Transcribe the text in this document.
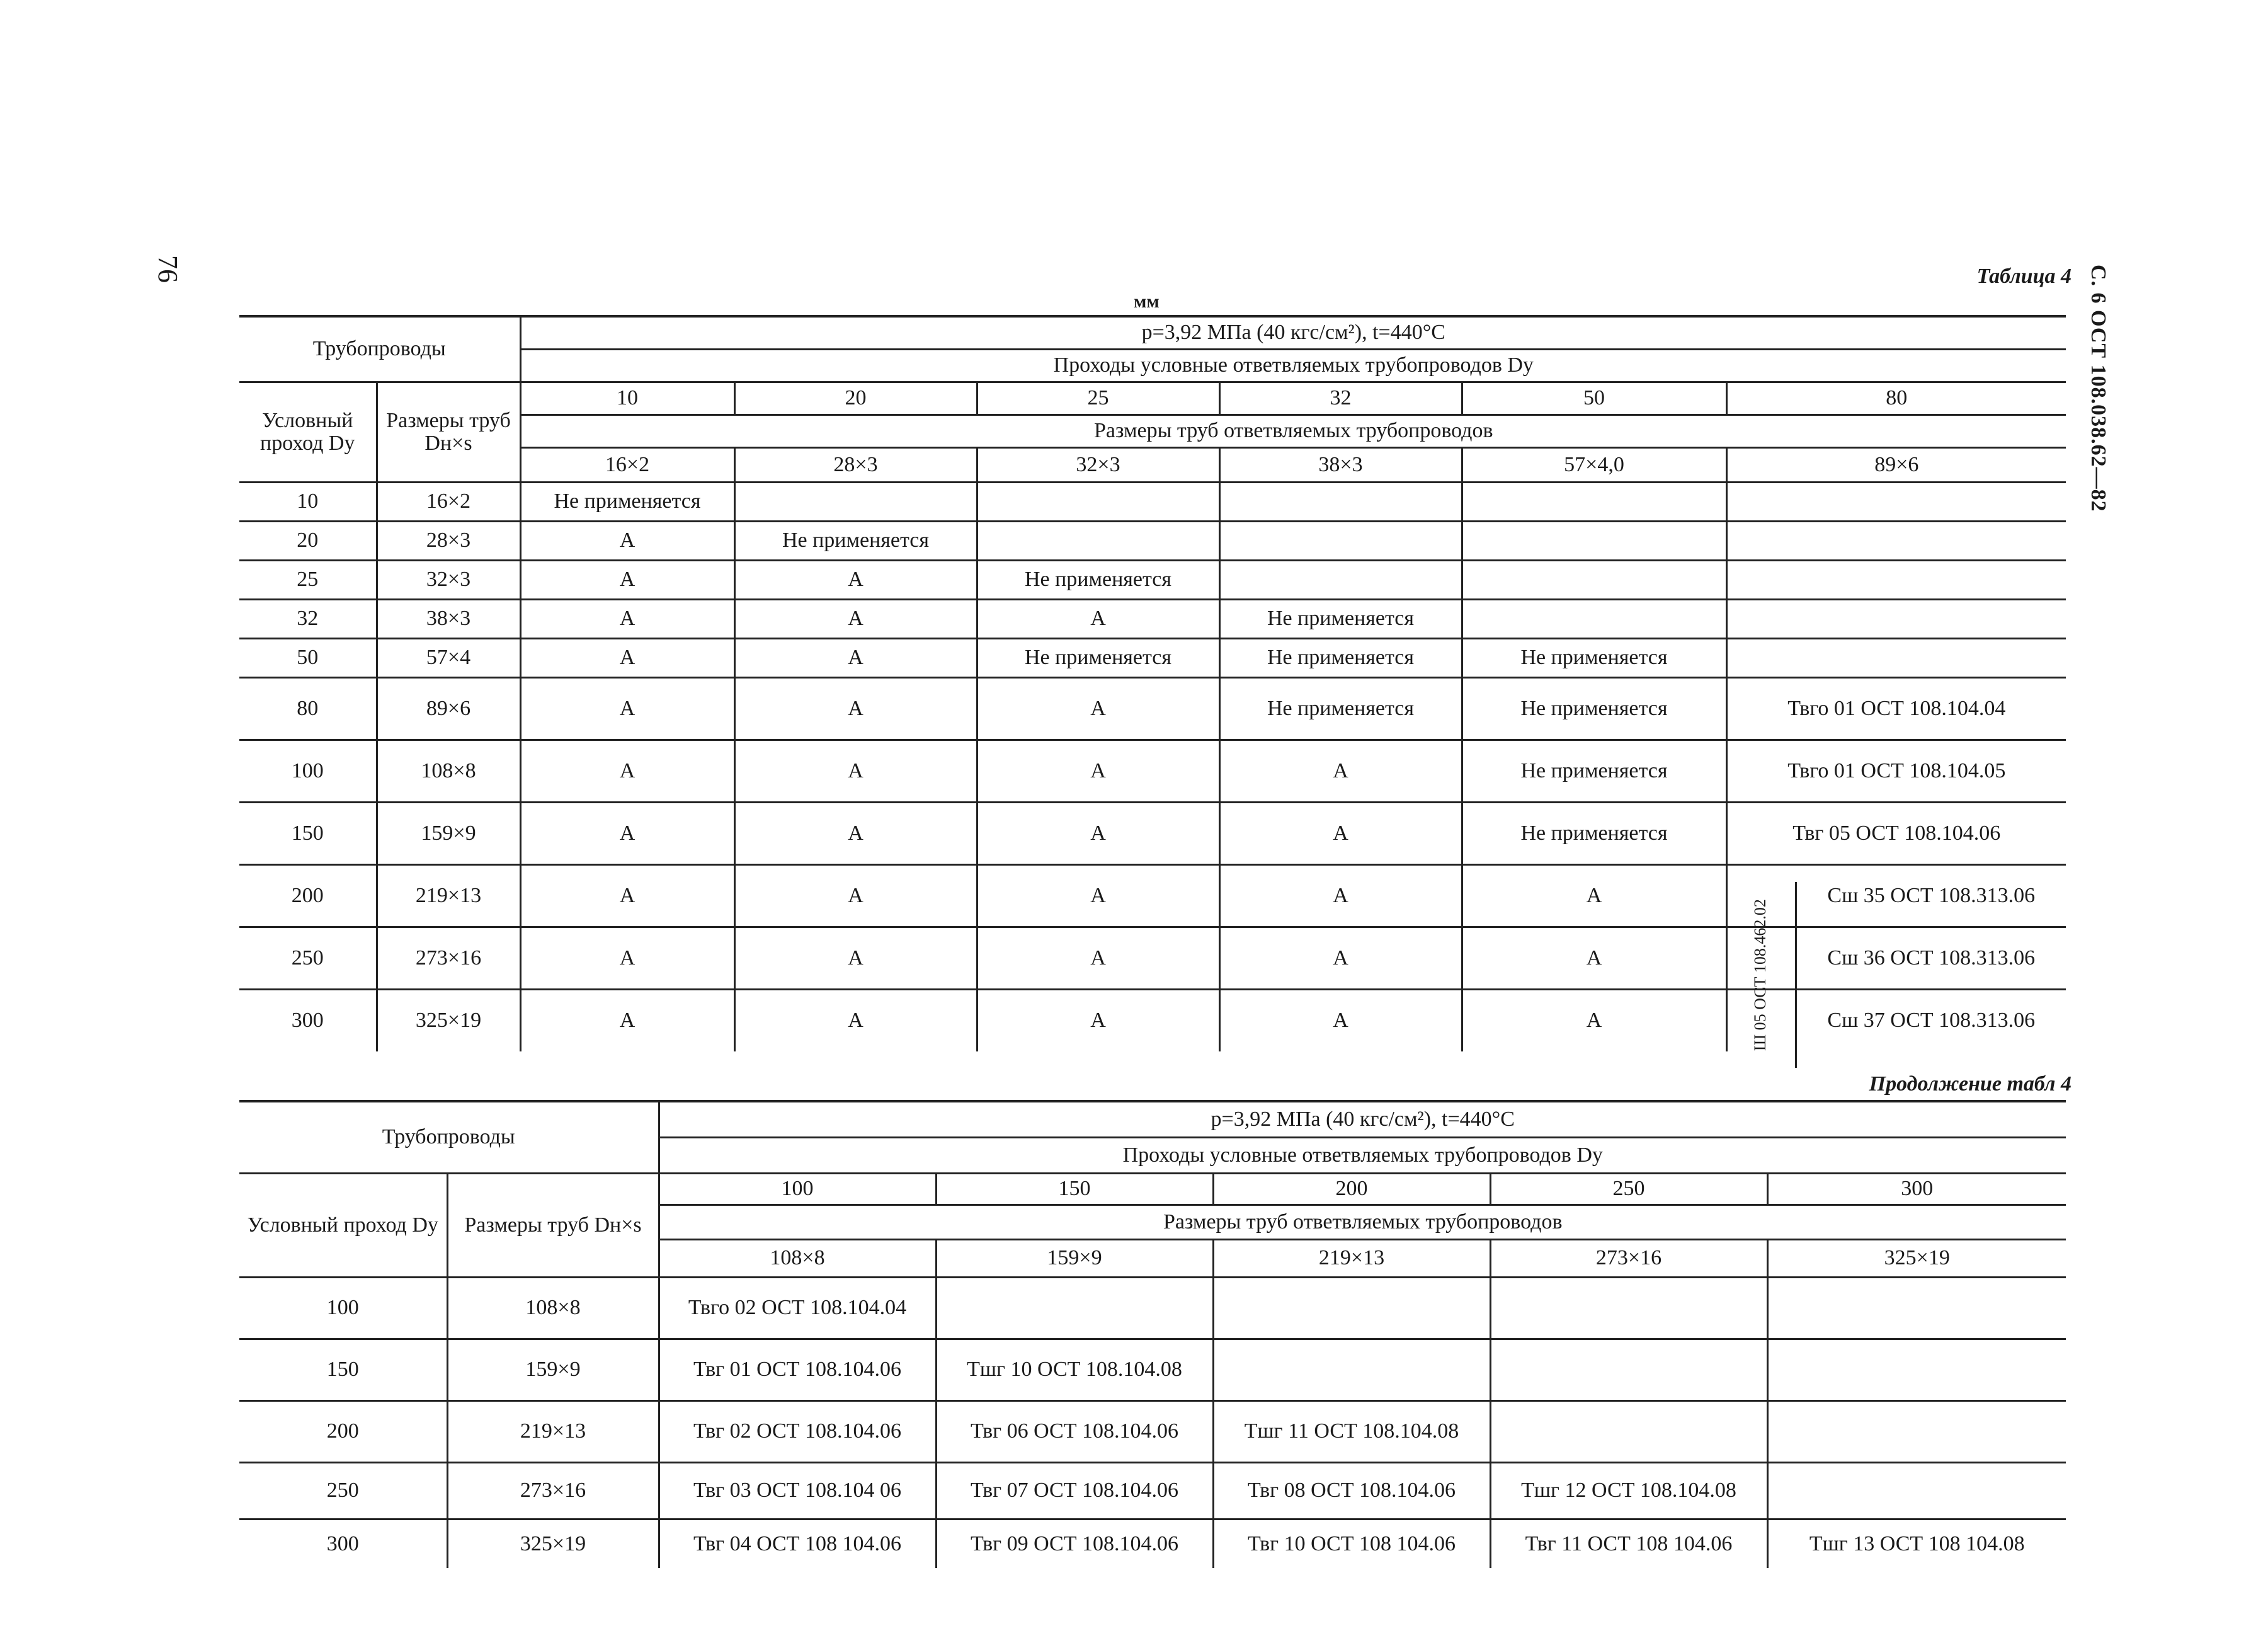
76	С. 6 ОСТ 108.038.62—82
Таблица 4
мм
Трубопроводы		p=3,92 МПа (40 кгс/см²), t=440°C					
		Проходы условные ответвляемых трубопроводов Dу					
Условный проход Dу	Размеры труб Dн×s	10	20	25	32	50	80
		Размеры труб ответвляемых трубопроводов					
		16×2	28×3	32×3	38×3	57×4,0	89×6
10	16×2	Не применяется					
20	28×3	А	Не применяется				
25	32×3	А	А	Не применяется			
32	38×3	А	А	А	Не применяется		
50	57×4	А	А	Не применяется	Не применяется	Не применяется	
80	89×6	А	А	А	Не применяется	Не применяется	Твго 01 ОСТ 108.104.04
100	108×8	А	А	А	А	Не применяется	Твго 01 ОСТ 108.104.05
150	159×9	А	А	А	А	Не применяется	Твг 05 ОСТ 108.104.06
200	219×13	А	А	А	А	А	Сш 35 ОСТ 108.313.06
250	273×16	А	А	А	А	А	Сш 36 ОСТ 108.313.06
300	325×19	А	А	А	А	А	Сш 37 ОСТ 108.313.06
Ш 05 ОСТ 108.462.02
Продолжение табл 4
Трубопроводы		p=3,92 МПа (40 кгс/см²), t=440°C				
		Проходы условные ответвляемых трубопроводов Dу				
Условный проход Dу	Размеры труб Dн×s	100	150	200	250	300
		Размеры труб ответвляемых трубопроводов				
		108×8	159×9	219×13	273×16	325×19
100	108×8	Твго 02 ОСТ 108.104.04				
150	159×9	Твг 01 ОСТ 108.104.06	Тшг 10 ОСТ 108.104.08			
200	219×13	Твг 02 ОСТ 108.104.06	Твг 06 ОСТ 108.104.06	Тшг 11 ОСТ 108.104.08		
250	273×16	Твг 03 ОСТ 108.104 06	Твг 07 ОСТ 108.104.06	Твг 08 ОСТ 108.104.06	Тшг 12 ОСТ 108.104.08	
300	325×19	Твг 04 ОСТ 108 104.06	Твг 09 ОСТ 108.104.06	Твг 10 ОСТ 108 104.06	Твг 11 ОСТ 108 104.06	Тшг 13 ОСТ 108 104.08
